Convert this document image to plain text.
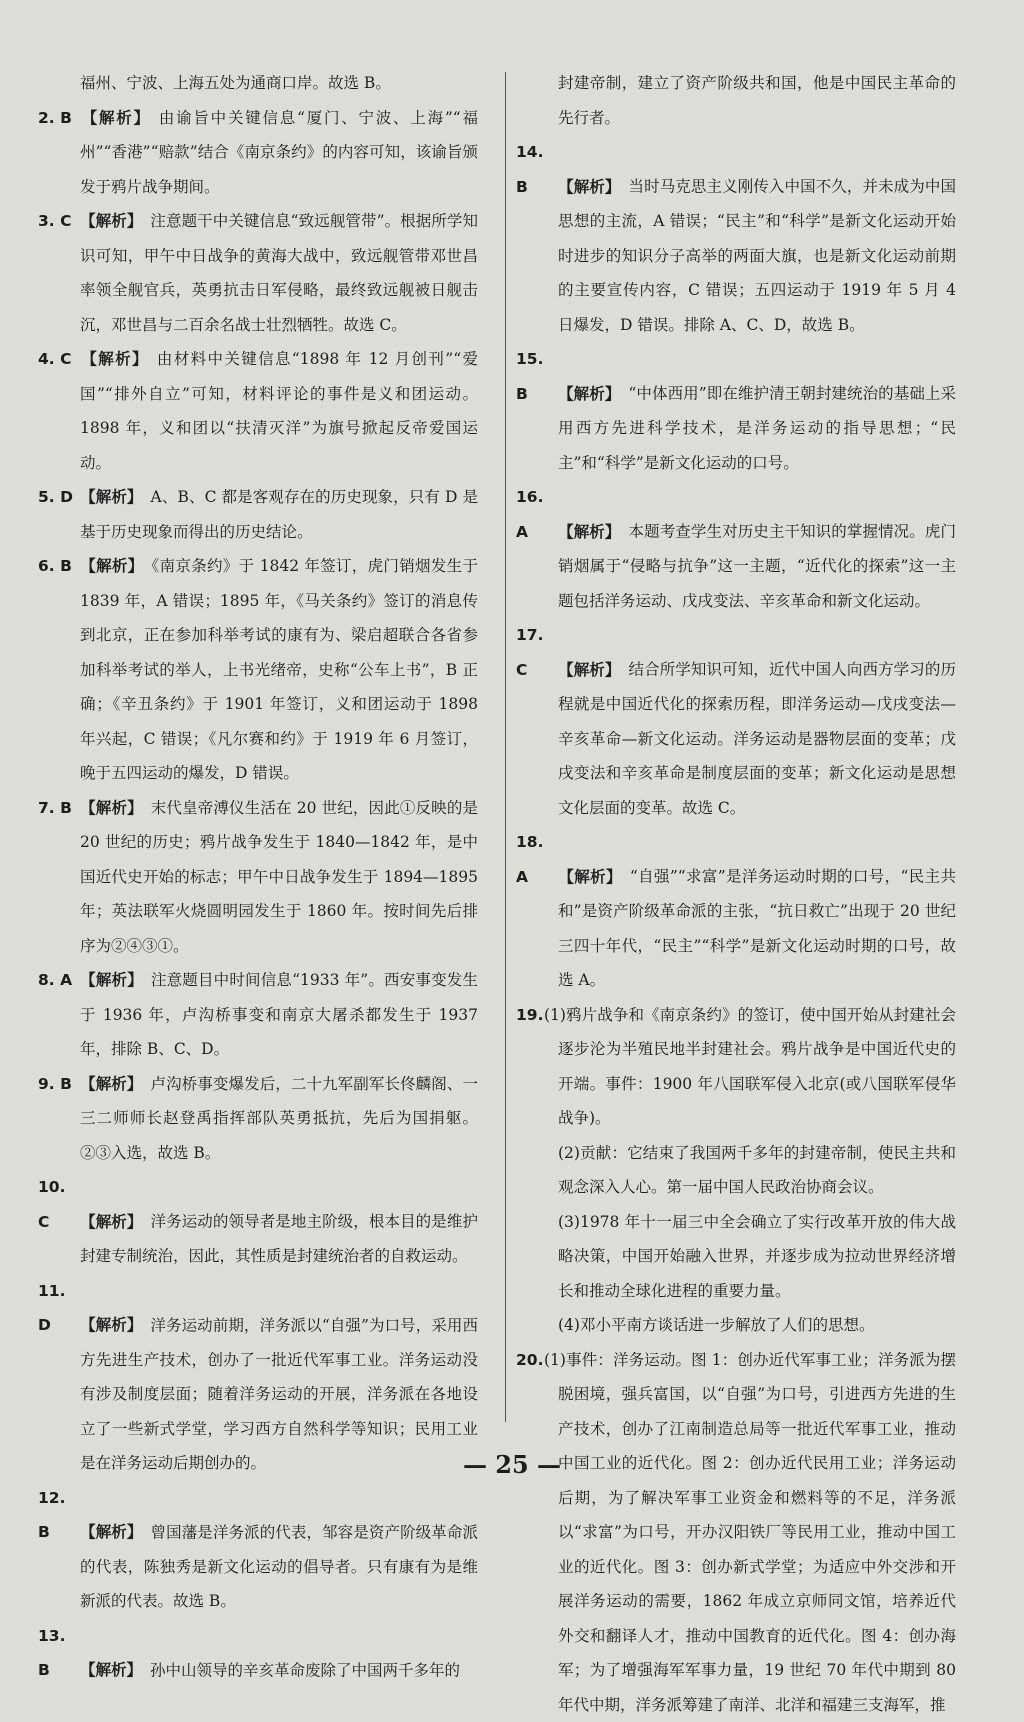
福州、宁波、上海五处为通商口岸。故选 B。
2. B 【解析】 由谕旨中关键信息“厦门、宁波、上海”“福州”“香港”“赔款”结合《南京条约》的内容可知，该谕旨颁发于鸦片战争期间。
3. C 【解析】 注意题干中关键信息“致远舰管带”。根据所学知识可知，甲午中日战争的黄海大战中，致远舰管带邓世昌率领全舰官兵，英勇抗击日军侵略，最终致远舰被日舰击沉，邓世昌与二百余名战士壮烈牺牲。故选 C。
4. C 【解析】 由材料中关键信息“1898 年 12 月创刊”“爱国”“排外自立”可知，材料评论的事件是义和团运动。1898 年，义和团以“扶清灭洋”为旗号掀起反帝爱国运动。
5. D 【解析】 A、B、C 都是客观存在的历史现象，只有 D 是基于历史现象而得出的历史结论。
6. B 【解析】 《南京条约》于 1842 年签订，虎门销烟发生于 1839 年，A 错误；1895 年，《马关条约》签订的消息传到北京，正在参加科举考试的康有为、梁启超联合各省参加科举考试的举人，上书光绪帝，史称“公车上书”，B 正确；《辛丑条约》于 1901 年签订，义和团运动于 1898 年兴起，C 错误；《凡尔赛和约》于 1919 年 6 月签订，晚于五四运动的爆发，D 错误。
7. B 【解析】 末代皇帝溥仪生活在 20 世纪，因此①反映的是 20 世纪的历史；鸦片战争发生于 1840—1842 年，是中国近代史开始的标志；甲午中日战争发生于 1894—1895 年；英法联军火烧圆明园发生于 1860 年。按时间先后排序为②④③①。
8. A 【解析】 注意题目中时间信息“1933 年”。西安事变发生于 1936 年，卢沟桥事变和南京大屠杀都发生于 1937 年，排除 B、C、D。
9. B 【解析】 卢沟桥事变爆发后，二十九军副军长佟麟阁、一三二师师长赵登禹指挥部队英勇抵抗，先后为国捐躯。②③入选，故选 B。
10. C 【解析】 洋务运动的领导者是地主阶级，根本目的是维护封建专制统治，因此，其性质是封建统治者的自救运动。
11. D 【解析】 洋务运动前期，洋务派以“自强”为口号，采用西方先进生产技术，创办了一批近代军事工业。洋务运动没有涉及制度层面；随着洋务运动的开展，洋务派在各地设立了一些新式学堂，学习西方自然科学等知识；民用工业是在洋务运动后期创办的。
12. B 【解析】 曾国藩是洋务派的代表，邹容是资产阶级革命派的代表，陈独秀是新文化运动的倡导者。只有康有为是维新派的代表。故选 B。
13. B 【解析】 孙中山领导的辛亥革命废除了中国两千多年的
封建帝制，建立了资产阶级共和国，他是中国民主革命的先行者。
14. B 【解析】 当时马克思主义刚传入中国不久，并未成为中国思想的主流，A 错误；“民主”和“科学”是新文化运动开始时进步的知识分子高举的两面大旗，也是新文化运动前期的主要宣传内容，C 错误；五四运动于 1919 年 5 月 4 日爆发，D 错误。排除 A、C、D，故选 B。
15. B 【解析】 “中体西用”即在维护清王朝封建统治的基础上采用西方先进科学技术，是洋务运动的指导思想；“民主”和“科学”是新文化运动的口号。
16. A 【解析】 本题考查学生对历史主干知识的掌握情况。虎门销烟属于“侵略与抗争”这一主题，“近代化的探索”这一主题包括洋务运动、戊戌变法、辛亥革命和新文化运动。
17. C 【解析】 结合所学知识可知，近代中国人向西方学习的历程就是中国近代化的探索历程，即洋务运动—戊戌变法—辛亥革命—新文化运动。洋务运动是器物层面的变革；戊戌变法和辛亥革命是制度层面的变革；新文化运动是思想文化层面的变革。故选 C。
18. A 【解析】 “自强”“求富”是洋务运动时期的口号，“民主共和”是资产阶级革命派的主张，“抗日救亡”出现于 20 世纪三四十年代，“民主”“科学”是新文化运动时期的口号，故选 A。
19.(1)鸦片战争和《南京条约》的签订，使中国开始从封建社会逐步沦为半殖民地半封建社会。鸦片战争是中国近代史的开端。事件：1900 年八国联军侵入北京(或八国联军侵华战争)。
(2)贡献：它结束了我国两千多年的封建帝制，使民主共和观念深入人心。第一届中国人民政治协商会议。
(3)1978 年十一届三中全会确立了实行改革开放的伟大战略决策，中国开始融入世界，并逐步成为拉动世界经济增长和推动全球化进程的重要力量。
(4)邓小平南方谈话进一步解放了人们的思想。
20.(1)事件：洋务运动。图 1：创办近代军事工业；洋务派为摆脱困境，强兵富国，以“自强”为口号，引进西方先进的生产技术，创办了江南制造总局等一批近代军事工业，推动中国工业的近代化。图 2：创办近代民用工业；洋务运动后期，为了解决军事工业资金和燃料等的不足，洋务派以“求富”为口号，开办汉阳铁厂等民用工业，推动中国工业的近代化。图 3：创办新式学堂；为适应中外交涉和开展洋务运动的需要，1862 年成立京师同文馆，培养近代外交和翻译人才，推动中国教育的近代化。图 4：创办海军；为了增强海军军事力量，19 世纪 70 年代中期到 80 年代中期，洋务派筹建了南洋、北洋和福建三支海军，推
— 25 —
